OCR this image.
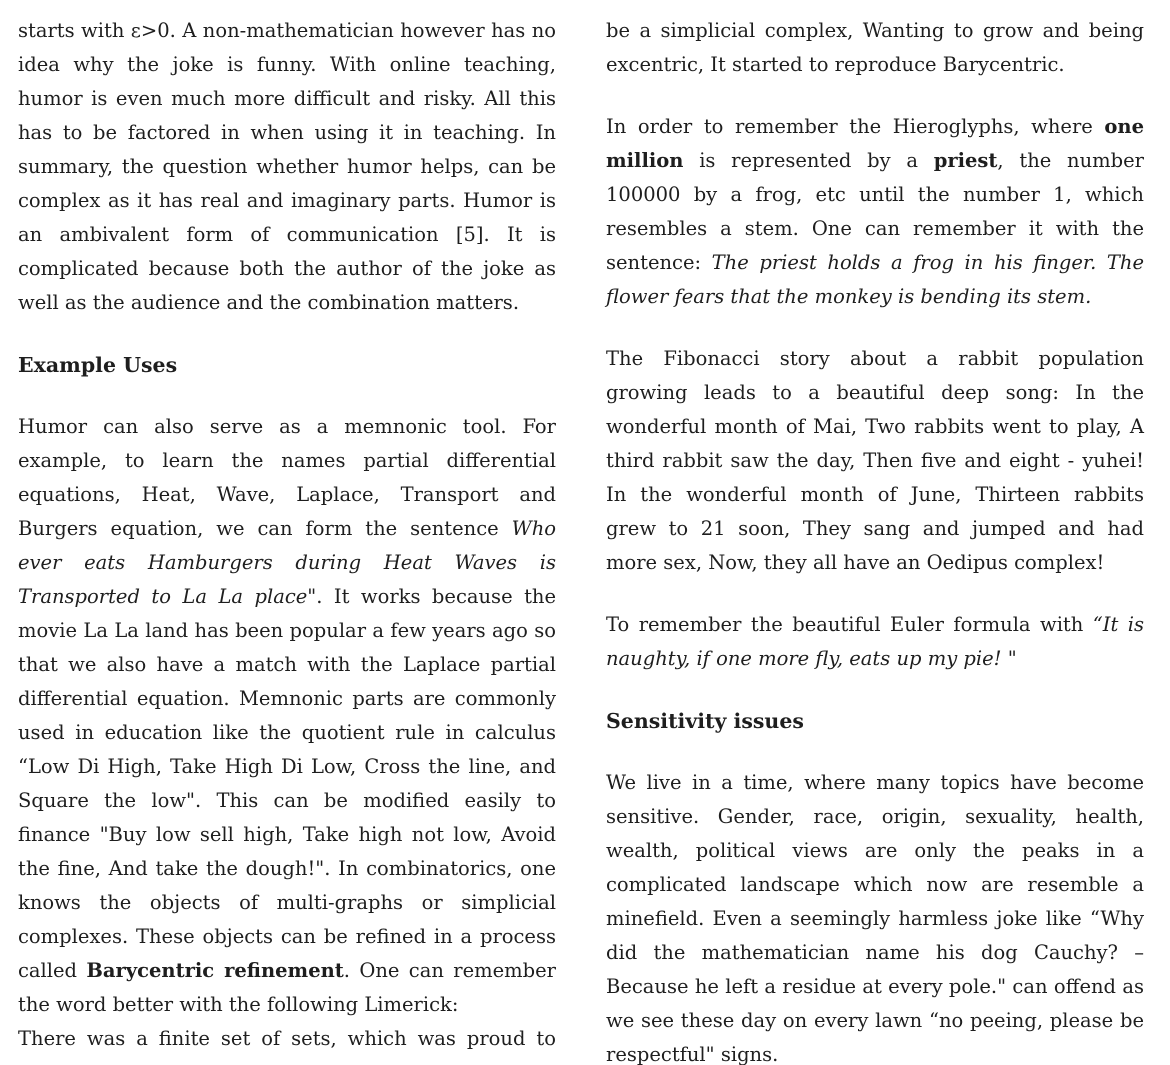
starts with ε>0. A non-mathematician however has no idea why the joke is funny. With online teaching, humor is even much more difficult and risky. All this has to be factored in when using it in teaching. In summary, the question whether humor helps, can be complex as it has real and imaginary parts. Humor is an ambivalent form of communication [5]. It is complicated because both the author of the joke as well as the audience and the combination matters.

Example Uses

Humor can also serve as a memnonic tool. For example, to learn the names partial differential equations, Heat, Wave, Laplace, Transport and Burgers equation, we can form the sentence Who ever eats Hamburgers during Heat Waves is Transported to La La place". It works because the movie La La land has been popular a few years ago so that we also have a match with the Laplace partial differential equation. Memnonic parts are commonly used in education like the quotient rule in calculus “Low Di High, Take High Di Low, Cross the line, and Square the low". This can be modified easily to finance "Buy low sell high, Take high not low, Avoid the fine, And take the dough!". In combinatorics, one knows the objects of multi-graphs or simplicial complexes. These objects can be refined in a process called Barycentric refinement. One can remember the word better with the following Limerick:

There was a finite set of sets, which was proud to

be a simplicial complex, Wanting to grow and being excentric, It started to reproduce Barycentric.

In order to remember the Hieroglyphs, where one million is represented by a priest, the number 100000 by a frog, etc until the number 1, which resembles a stem. One can remember it with the sentence: The priest holds a frog in his finger. The flower fears that the monkey is bending its stem.

The Fibonacci story about a rabbit population growing leads to a beautiful deep song: In the wonderful month of Mai, Two rabbits went to play, A third rabbit saw the day, Then five and eight - yuhei! In the wonderful month of June, Thirteen rabbits grew to 21 soon, They sang and jumped and had more sex, Now, they all have an Oedipus complex!

To remember the beautiful Euler formula with “It is naughty, if one more fly, eats up my pie! "

Sensitivity issues

We live in a time, where many topics have become sensitive. Gender, race, origin, sexuality, health, wealth, political views are only the peaks in a complicated landscape which now are resemble a minefield. Even a seemingly harmless joke like “Why did the mathematician name his dog Cauchy? – Because he left a residue at every pole." can offend as we see these day on every lawn “no peeing, please be respectful" signs.
